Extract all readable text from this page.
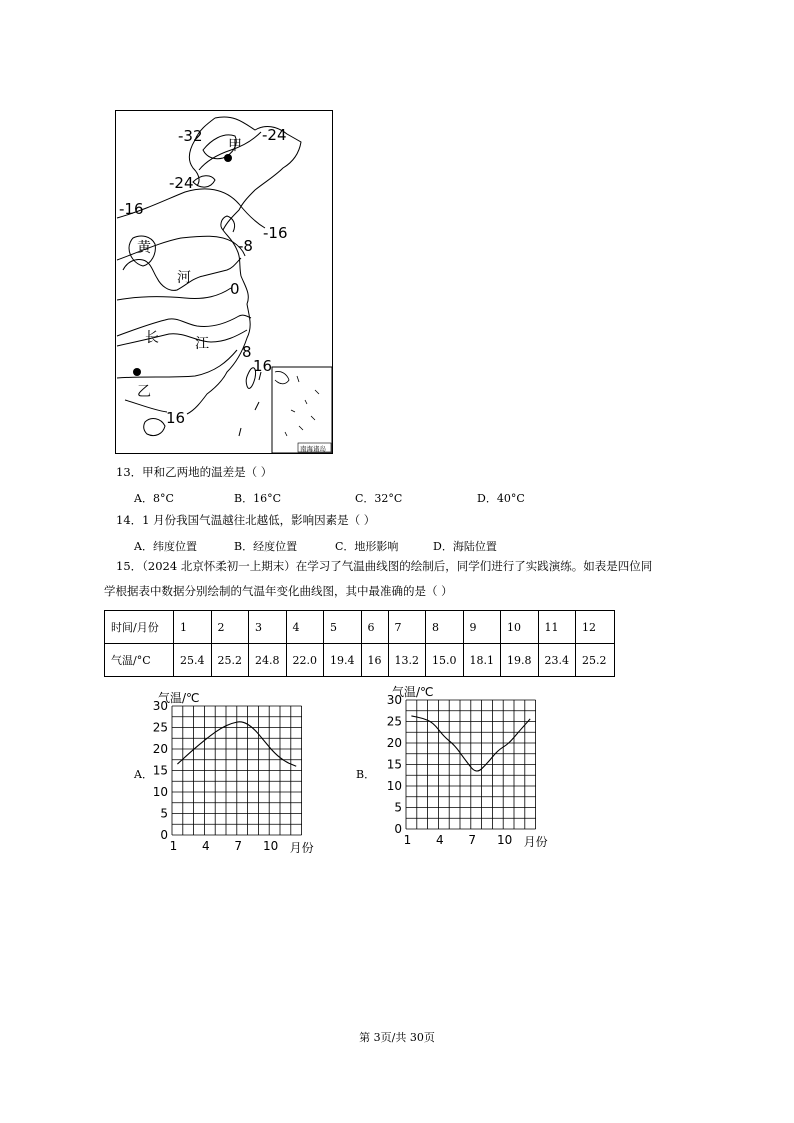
-32	-24
-24
-16
-16
-8
0
8
16
16
甲
乙
黄
河
长	江
南海诸岛
13．甲和乙两地的温差是（ ）
A．8°C	B．16°C	C．32°C	D．40°C
14．1 月份我国气温越往北越低，影响因素是（ ）
A．纬度位置	B．经度位置	C．地形影响	D．海陆位置
15．（2024 北京怀柔初一上期末）在学习了气温曲线图的绘制后，同学们进行了实践演练。如表是四位同
学根据表中数据分别绘制的气温年变化曲线图，其中最准确的是（ ）
时间/月份	1	2	3	4	5	6	7	8	9	10	11	12
气温/°C	25.4	25.2	24.8	22.0	19.4	16	13.2	15.0	18.1	19.8	23.4	25.2
A．
0
5
10
15
20
25
30
1 4 7 10
气温/℃
月份
B．
0
5
10
15
20
25
30
1 4 7 10
气温/℃
月份
第 3页/共 30页
